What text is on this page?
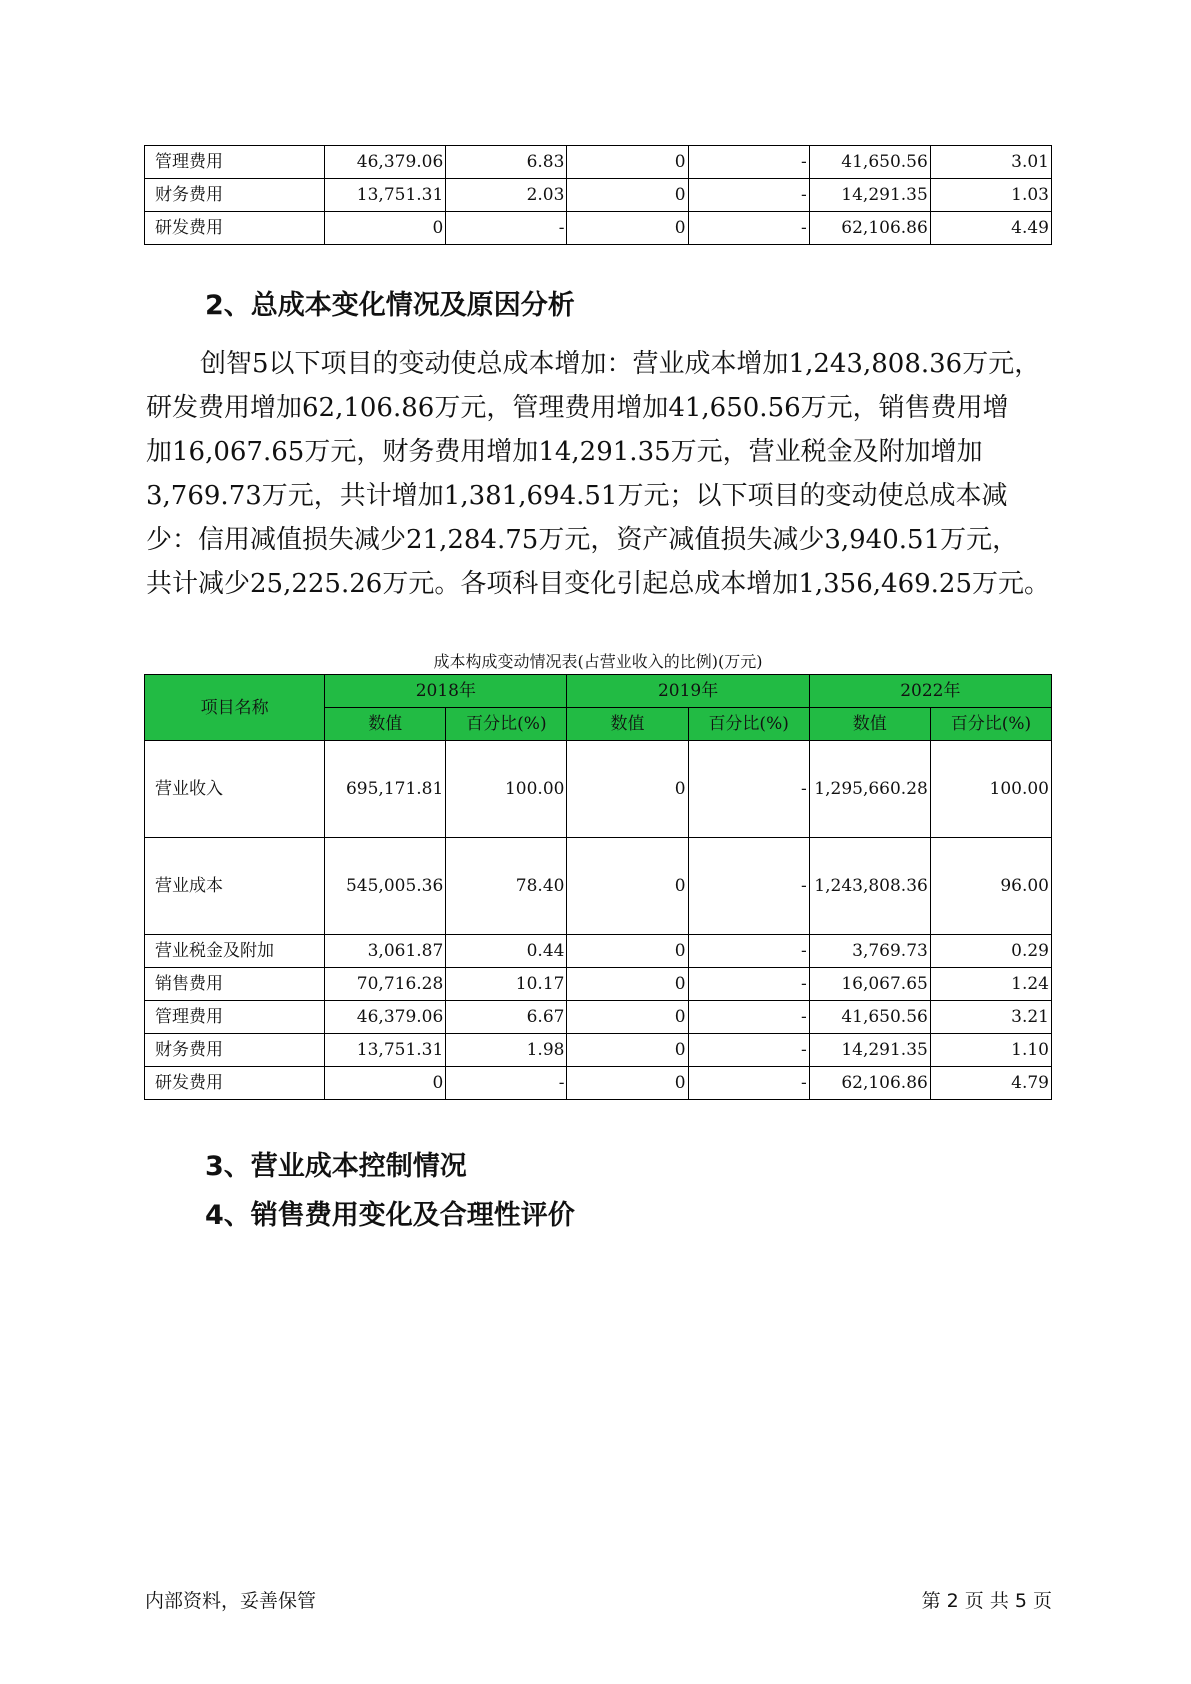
管理费用	46,379.06	6.83	0	-	41,650.56	3.01
财务费用	13,751.31	2.03	0	-	14,291.35	1.03
研发费用	0	-	0	-	62,106.86	4.49
2、总成本变化情况及原因分析
创智5以下项目的变动使总成本增加：营业成本增加1,243,808.36万元，
研发费用增加62,106.86万元，管理费用增加41,650.56万元，销售费用增
加16,067.65万元，财务费用增加14,291.35万元，营业税金及附加增加
3,769.73万元，共计增加1,381,694.51万元；以下项目的变动使总成本减
少：信用减值损失减少21,284.75万元，资产减值损失减少3,940.51万元，
共计减少25,225.26万元。各项科目变化引起总成本增加1,356,469.25万元。
成本构成变动情况表(占营业收入的比例)(万元)
项目名称	2018年		2019年		2022年	
	数值	百分比(%)	数值	百分比(%)	数值	百分比(%)
营业收入	695,171.81	100.00	0	-	1,295,660.28	100.00
营业成本	545,005.36	78.40	0	-	1,243,808.36	96.00
营业税金及附加	3,061.87	0.44	0	-	3,769.73	0.29
销售费用	70,716.28	10.17	0	-	16,067.65	1.24
管理费用	46,379.06	6.67	0	-	41,650.56	3.21
财务费用	13,751.31	1.98	0	-	14,291.35	1.10
研发费用	0	-	0	-	62,106.86	4.79
3、营业成本控制情况
4、销售费用变化及合理性评价
内部资料，妥善保管	第 2 页 共 5 页
